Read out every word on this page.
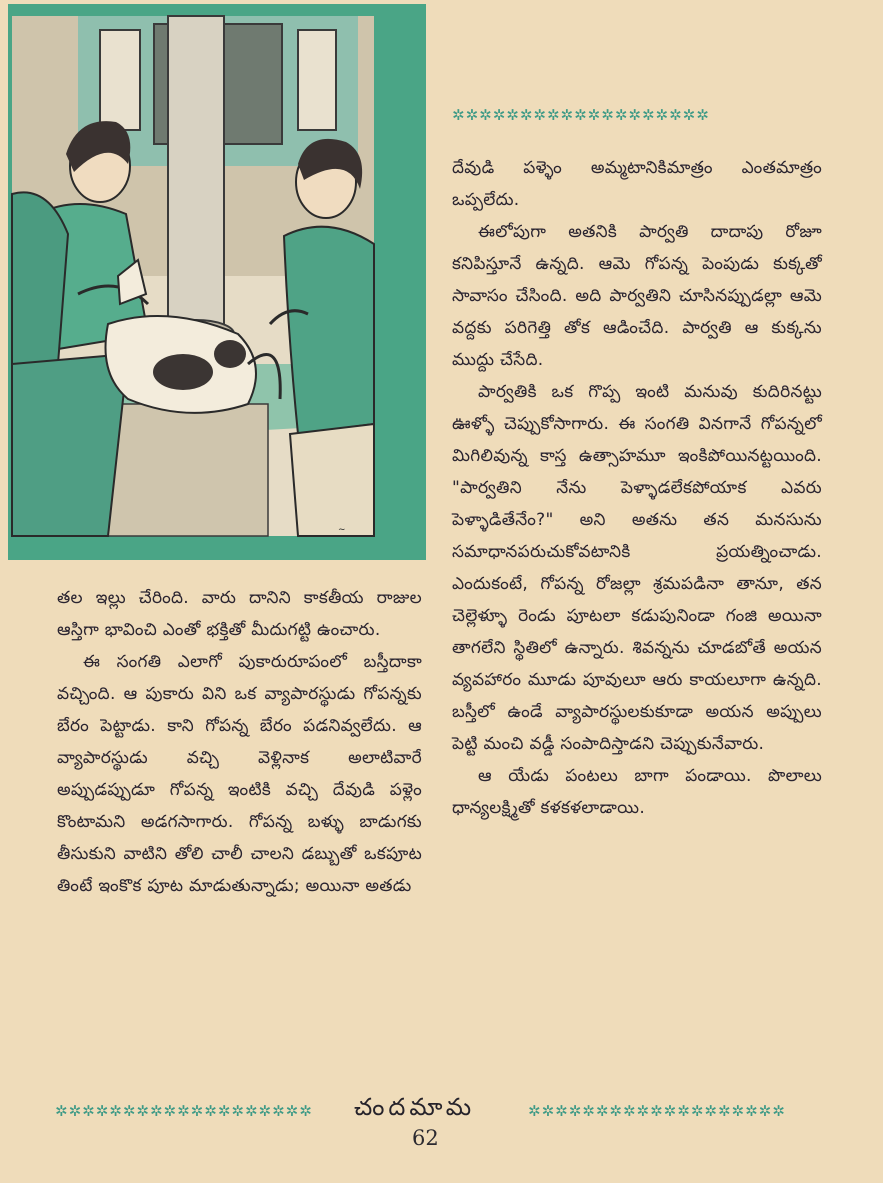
~
✲✲✲✲✲✲✲✲✲✲✲✲✲✲✲✲✲✲✲

తల ఇల్లు చేరింది. వారు దానిని కాకతీయ రాజుల ఆస్తిగా భావించి ఎంతో భక్తితో మీదుగట్టి ఉంచారు.

ఈ సంగతి ఎలాగో పుకారురూపంలో బస్తీదాకా వచ్చింది. ఆ పుకారు విని ఒక వ్యాపారస్థుడు గోపన్నకు బేరం పెట్టాడు. కాని గోపన్న బేరం పడనివ్వలేదు. ఆ వ్యాపారస్థుడు వచ్చి వెళ్లినాక అలాటివారే అప్పుడప్పుడూ గోపన్న ఇంటికి వచ్చి దేవుడి పళ్లెం కొంటామని అడగసాగారు. గోపన్న బళ్ళు బాడుగకు తీసుకుని వాటిని తోలి చాలీ చాలని డబ్బుతో ఒకపూట తింటే ఇంకొక పూట మాడుతున్నాడు; అయినా అతడు

దేవుడి పళ్ళెం అమ్మటానికిమాత్రం ఎంతమాత్రం ఒప్పలేదు.

ఈలోపుగా అతనికి పార్వతి దాదాపు రోజూ కనిపిస్తూనే ఉన్నది. ఆమె గోపన్న పెంపుడు కుక్కతో సావాసం చేసింది. అది పార్వతిని చూసినప్పుడల్లా ఆమె వద్దకు పరిగెత్తి తోక ఆడించేది. పార్వతి ఆ కుక్కను ముద్దు చేసేది.

పార్వతికి ఒక గొప్ప ఇంటి మనువు కుదిరినట్టు ఊళ్ళో చెప్పుకోసాగారు. ఈ సంగతి వినగానే గోపన్నలో మిగిలివున్న కాస్త ఉత్సాహమూ ఇంకిపోయినట్టయింది. "పార్వతిని నేను పెళ్ళాడలేకపోయాక ఎవరు పెళ్ళాడితేనేం?" అని అతను తన మనసును సమాధానపరుచుకోవటానికి ప్రయత్నించాడు. ఎందుకంటే, గోపన్న రోజల్లా శ్రమపడినా తానూ, తన చెల్లెళ్ళూ రెండు పూటలా కడుపునిండా గంజి అయినా తాగలేని స్థితిలో ఉన్నారు. శివన్నను చూడబోతే అయన వ్యవహారం మూడు పూవులూ ఆరు కాయలూగా ఉన్నది. బస్తీలో ఉండే వ్యాపారస్థులకుకూడా అయన అప్పులు పెట్టి మంచి వడ్డీ సంపాదిస్తాడని చెప్పుకునేవారు.

ఆ యేడు పంటలు బాగా పండాయి. పొలాలు ధాన్యలక్ష్మితో కళకళలాడాయి.

✲✲✲✲✲✲✲✲✲✲✲✲✲✲✲✲✲✲✲	చందమామ	✲✲✲✲✲✲✲✲✲✲✲✲✲✲✲✲✲✲✲
62
